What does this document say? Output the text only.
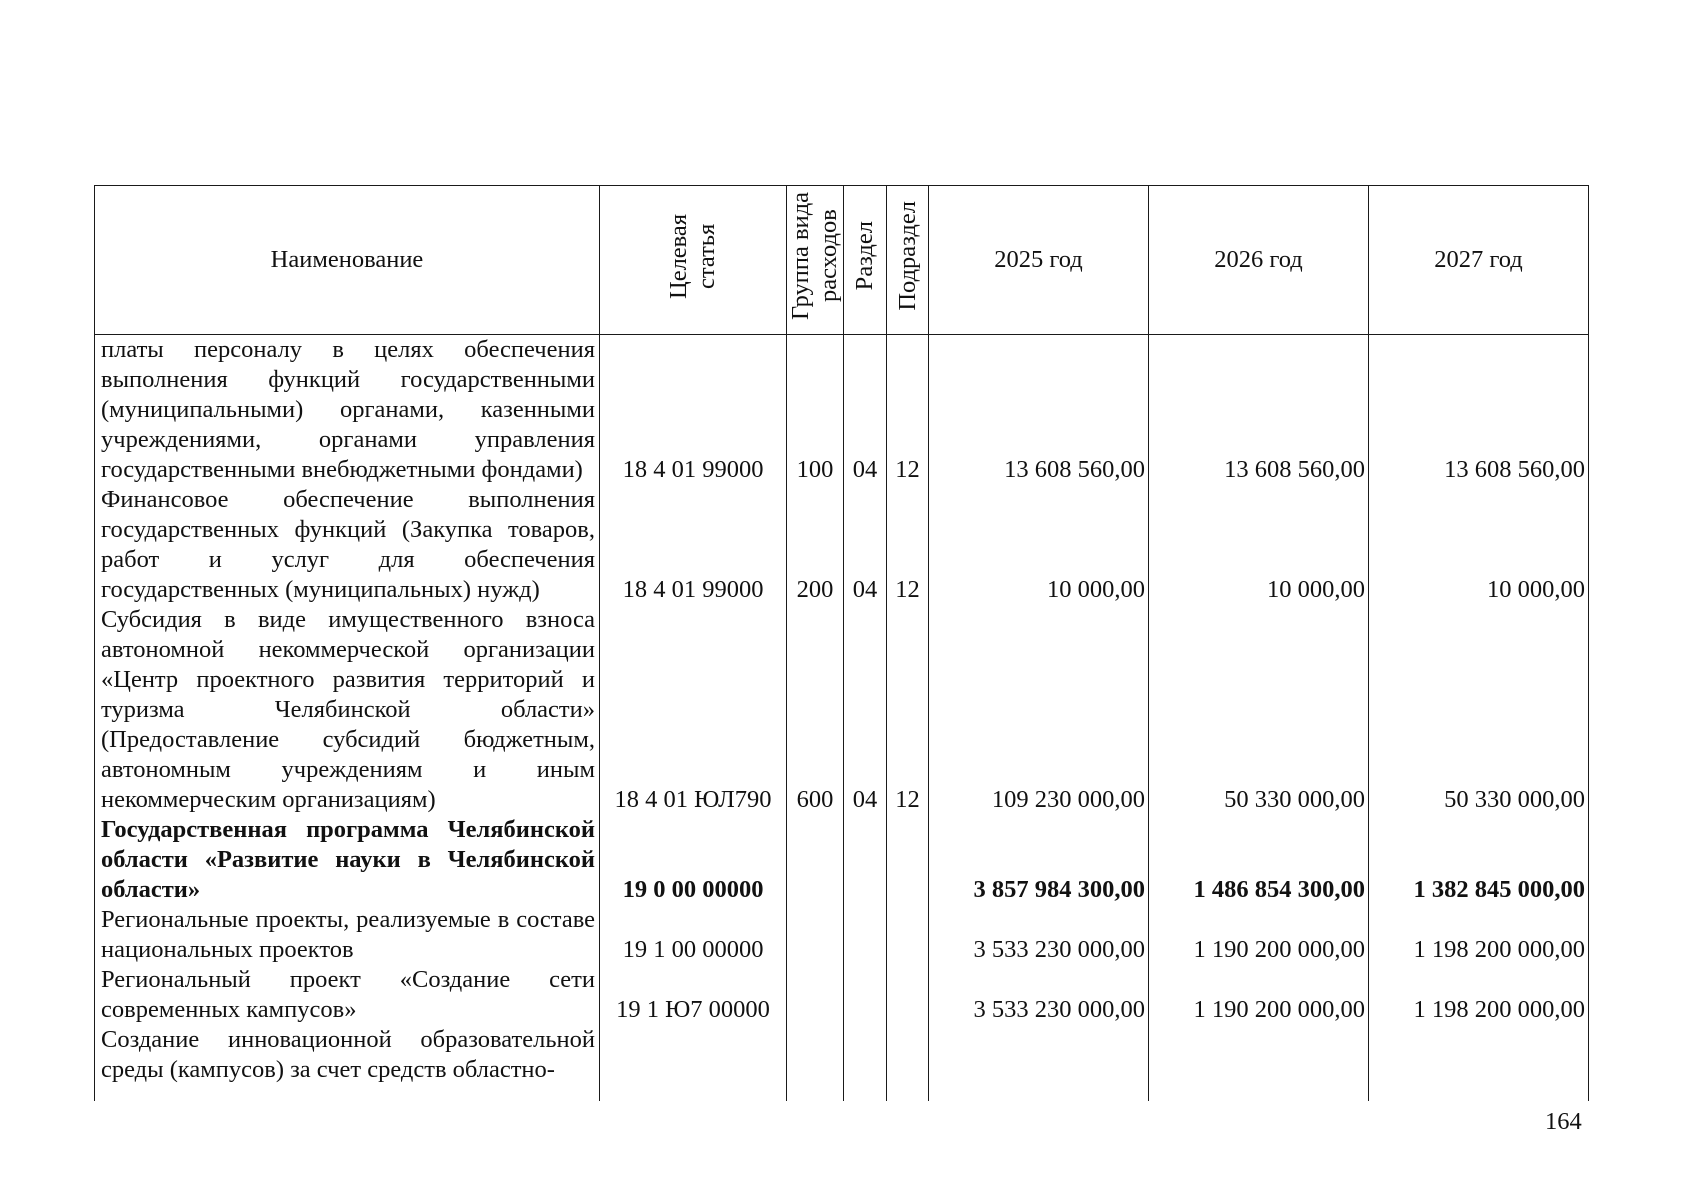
Наименование	Целевая статья	Группа вида расходов	Раздел	Подраздел	2025 год	2026 год	2027 год
платы персоналу в целях обеспечения выполнения функций государственными (муниципальными) органами, казенными учреждениями, органами управления государственными внебюджетными фондами)	18 4 01 99000	100	04	12	13 608 560,00	13 608 560,00	13 608 560,00
Финансовое обеспечение выполнения государственных функций (Закупка товаров, работ и услуг для обеспечения государственных (муниципальных) нужд)	18 4 01 99000	200	04	12	10 000,00	10 000,00	10 000,00
Субсидия в виде имущественного взноса автономной некоммерческой организации «Центр проектного развития территорий и туризма Челябинской области» (Предоставление субсидий бюджетным, автономным учреждениям и иным некоммерческим организациям)	18 4 01 ЮЛ790	600	04	12	109 230 000,00	50 330 000,00	50 330 000,00
Государственная программа Челябинской области «Развитие науки в Челябинской области»	19 0 00 00000				3 857 984 300,00	1 486 854 300,00	1 382 845 000,00
Региональные проекты, реализуемые в составе национальных проектов	19 1 00 00000				3 533 230 000,00	1 190 200 000,00	1 198 200 000,00
Региональный проект «Создание сети современных кампусов»	19 1 Ю7 00000				3 533 230 000,00	1 190 200 000,00	1 198 200 000,00
Создание инновационной образовательной среды (кампусов) за счет средств областно-							
164
